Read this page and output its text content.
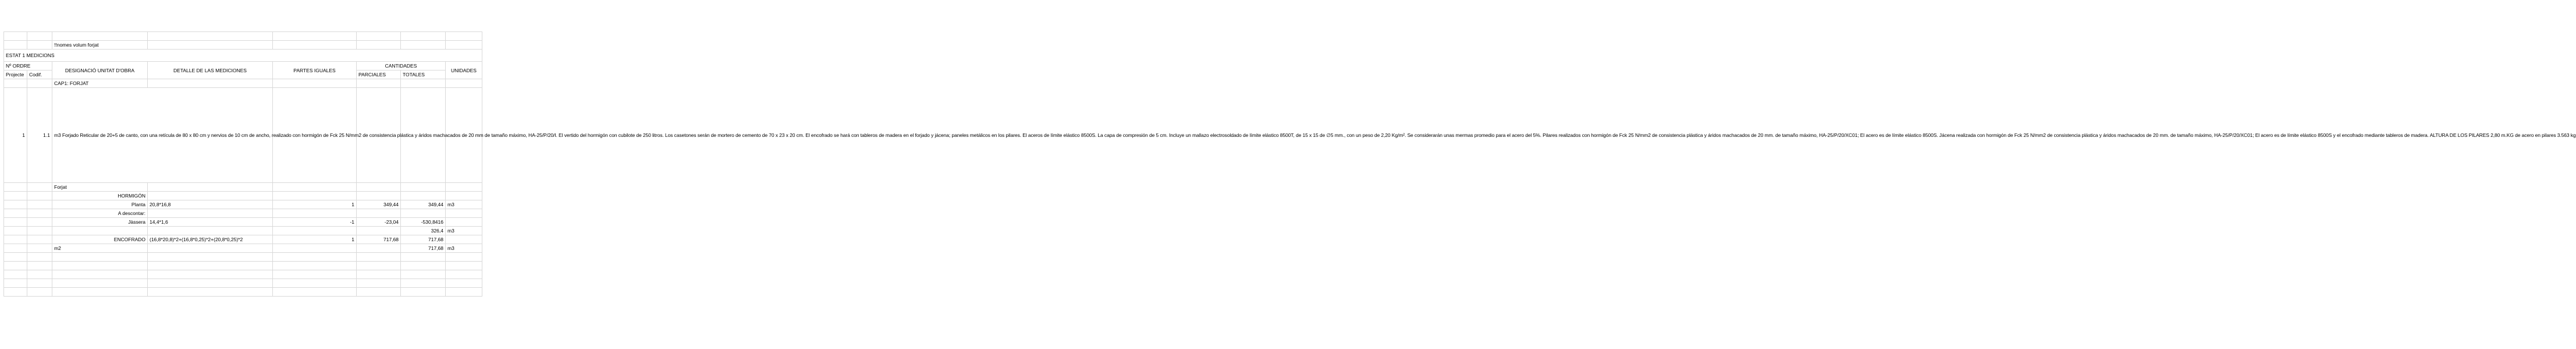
		!!nomes volum forjat					
ESTAT 1 MEDICIONS							
Nº ORDRE		DESIGNACIÓ UNITAT D'OBRA	DETALLE DE LAS MEDICIONES	PARTES IGUALES	CANTIDADES		UNIDADES
Projecte	Codif.				PARCIALES	TOTALES	
		CAP1: FORJAT					
1	1.1	m3 Forjado Reticular de 20+5 de canto, con una retícula de 80 x 80 cm y nervios de 10 cm de ancho, realizado con hormigón de Fck 25 N/mm2 de consistencia plástica y áridos machacados de 20 mm de tamaño máximo, HA-25/P/20/I. El vertido del hormigón con cubilote de 250 litros. Los casetones serán de mortero de cemento de 70 x 23 x 20 cm. El encofrado se hará con tableros de madera en el forjado y jácena; paneles metálicos en los pilares. El aceros de límite elástico 8500S. La capa de compresión de 5 cm. Incluye un mallazo electrosoldado de límite elástico 8500T, de 15 x 15 de ∅5 mm., con un peso de 2,20 Kg/m². Se considerarán unas mermas promedio para el acero del 5%. Pilares realizados con hormigón de Fck 25 N/mm2 de consistencia plástica y áridos machacados de 20 mm. de tamaño máximo, HA-25/P/20/XC01; El acero es de límite elástico 8500S. Jácena realizada con hormigón de Fck 25 N/mm2 de consistencia plástica y áridos machacados de 20 mm. de tamaño máximo, HA-25/P/20/XC01; El acero es de límite elástico 8500S y el encofrado mediante tableros de madera. ALTURA DE LOS PILARES 2,80 m.KG de acero en pilares 3.563 kg					
		Forjat					
		HORMIGÓN					
		Planta	20,8*16,8	1	349,44	349,44	m3
		A descontar:					
		Jàssera	14,4*1,6	-1	-23,04	-530,8416	
						326,4	m3
		ENCOFRADO	(16,8*20,8)*2+(16,8*0,25)*2+(20,8*0,25)*2	1	717,68	717,68	
		m2				717,68	m3
